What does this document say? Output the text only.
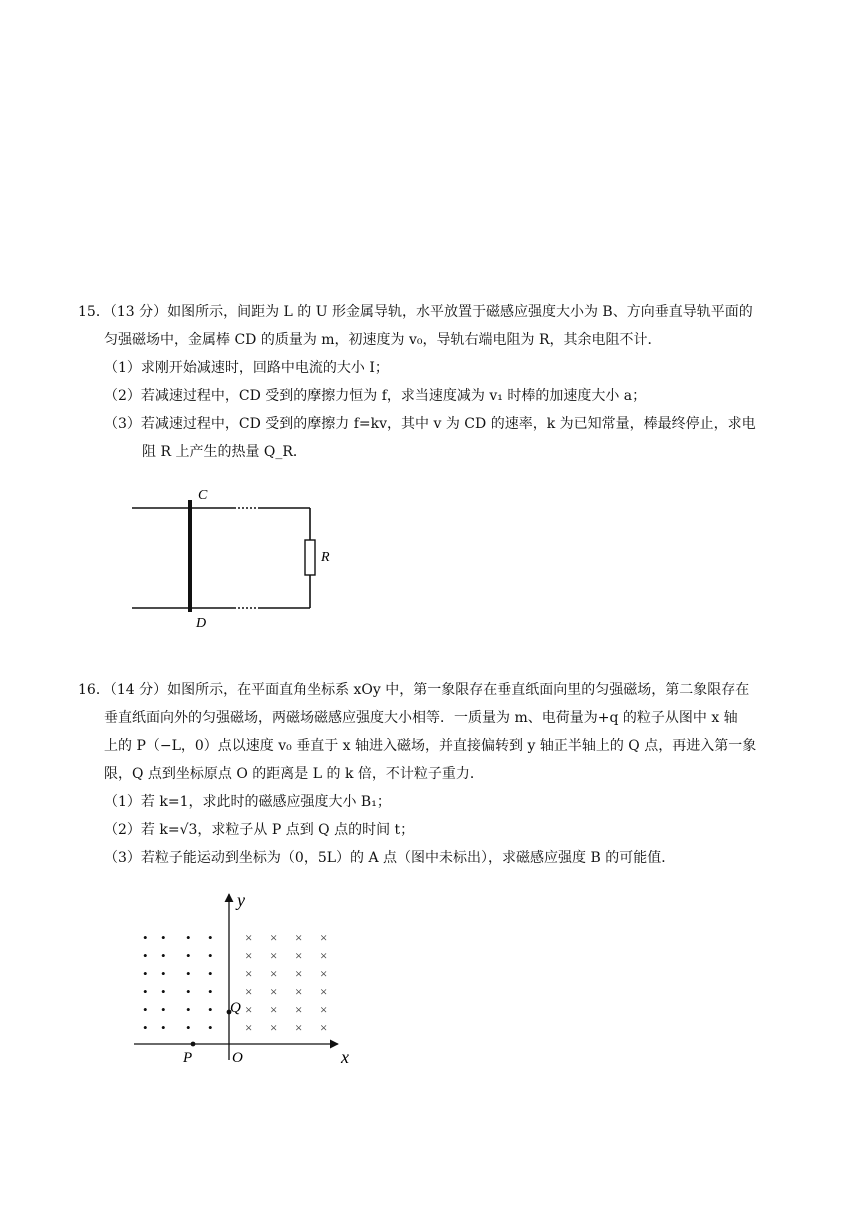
15．（13 分）如图所示，间距为 L 的 U 形金属导轨，水平放置于磁感应强度大小为 B、方向垂直导轨平面的
匀强磁场中，金属棒 CD 的质量为 m，初速度为 v₀，导轨右端电阻为 R，其余电阻不计．
（1）求刚开始减速时，回路中电流的大小 I；
（2）若减速过程中，CD 受到的摩擦力恒为 f，求当速度减为 v₁ 时棒的加速度大小 a；
（3）若减速过程中，CD 受到的摩擦力 f=kv，其中 v 为 CD 的速率，k 为已知常量，棒最终停止，求电
阻 R 上产生的热量 Q_R．
C
D
R
16．（14 分）如图所示，在平面直角坐标系 xOy 中，第一象限存在垂直纸面向里的匀强磁场，第二象限存在
垂直纸面向外的匀强磁场，两磁场磁感应强度大小相等．一质量为 m、电荷量为+q 的粒子从图中 x 轴
上的 P（−L，0）点以速度 v₀ 垂直于 x 轴进入磁场，并直接偏转到 y 轴正半轴上的 Q 点，再进入第一象
限，Q 点到坐标原点 O 的距离是 L 的 k 倍，不计粒子重力．
（1）若 k=1，求此时的磁感应强度大小 B₁；
（2）若 k=√3，求粒子从 P 点到 Q 点的时间 t；
（3）若粒子能运动到坐标为（0，5L）的 A 点（图中未标出），求磁感应强度 B 的可能值．
• • • •
• • • •
• • • •
• • • •
• • • •
• • • •
× × × ×
× × × ×
× × × ×
× × × ×
× × × ×
× × × ×
y
x
O
P
Q
